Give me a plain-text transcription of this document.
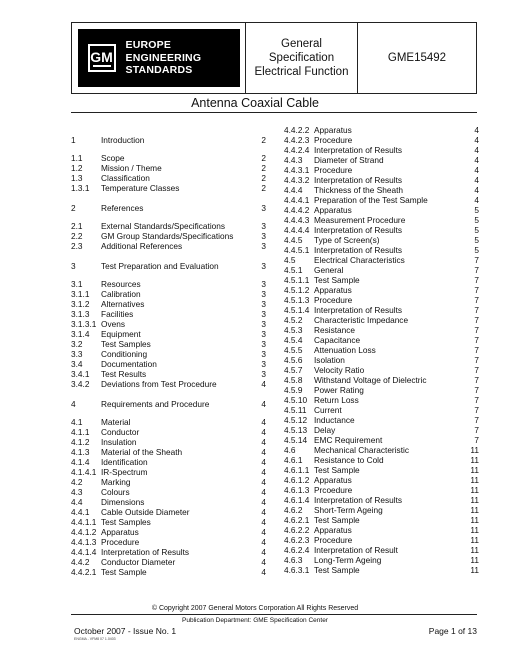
GM
EUROPE
ENGINEERING
STANDARDS
General
Specification
Electrical Function
GME15492
Antenna Coaxial Cable
1	Introduction	2
1.1 Scope	2
1.2 Mission / Theme	2
1.3 Classification	2
1.3.1 Temperature Classes	2
2	References	3
2.1 External Standards/Specifications	3
2.2 GM Group Standards/Specifications	3
2.3 Additional References	3
3	Test Preparation and Evaluation	3
3.1 Resources	3
3.1.1 Calibration	3
3.1.2 Alternatives	3
3.1.3 Facilities	3
3.1.3.1 Ovens	3
3.1.4 Equipment	3
3.2 Test Samples	3
3.3 Conditioning	3
3.4 Documentation	3
3.4.1 Test Results	3
3.4.2 Deviations from Test Procedure	4
4	Requirements and Procedure	4
4.1 Material	4
4.1.1 Conductor	4
4.1.2 Insulation	4
4.1.3 Material of the Sheath	4
4.1.4 Identification	4
4.1.4.1 IR-Spectrum	4
4.2 Marking	4
4.3 Colours	4
4.4 Dimensions	4
4.4.1 Cable Outside Diameter	4
4.4.1.1 Test Samples	4
4.4.1.2 Apparatus	4
4.4.1.3 Procedure	4
4.4.1.4 Interpretation of Results	4
4.4.2 Conductor Diameter	4
4.4.2.1 Test Sample	4
4.4.2.2 Apparatus	4
4.4.2.3 Procedure	4
4.4.2.4 Interpretation of Results	4
4.4.3 Diameter of Strand	4
4.4.3.1 Procedure	4
4.4.3.2 Interpretation of Results	4
4.4.4 Thickness of the Sheath	4
4.4.4.1 Preparation of the Test Sample	4
4.4.4.2 Apparatus	5
4.4.4.3 Measurement Procedure	5
4.4.4.4 Interpretation of Results	5
4.4.5 Type of Screen(s)	5
4.4.5.1 Interpretation of Results	5
4.5 Electrical Characteristics	7
4.5.1 General	7
4.5.1.1 Test Sample	7
4.5.1.2 Apparatus	7
4.5.1.3 Procedure	7
4.5.1.4 Interpretation of Results	7
4.5.2 Characteristic Impedance	7
4.5.3 Resistance	7
4.5.4 Capacitance	7
4.5.5 Attenuation Loss	7
4.5.6 Isolation	7
4.5.7 Velocity Ratio	7
4.5.8 Withstand Voltage of Dielectric	7
4.5.9 Power Rating	7
4.5.10 Return Loss	7
4.5.11 Current	7
4.5.12 Inductance	7
4.5.13 Delay	7
4.5.14 EMC Requirement	7
4.6 Mechanical Characteristic	11
4.6.1 Resistance to Cold	11
4.6.1.1 Test Sample	11
4.6.1.2 Apparatus	11
4.6.1.3 Prcoedure	11
4.6.1.4 Interpretation of Results	11
4.6.2 Short-Term Ageing	11
4.6.2.1 Test Sample	11
4.6.2.2 Apparatus	11
4.6.2.3 Procedure	11
4.6.2.4 Interpretation of Result	11
4.6.3 Long-Term Ageing	11
4.6.3.1 Test Sample	11
© Copyright 2007 General Motors Corporation All Rights Reserved
Publication Department: GME Specification Center
October 2007 - Issue No. 1	Page 1 of 13
ENGMA - VFM8 07 1.0403
